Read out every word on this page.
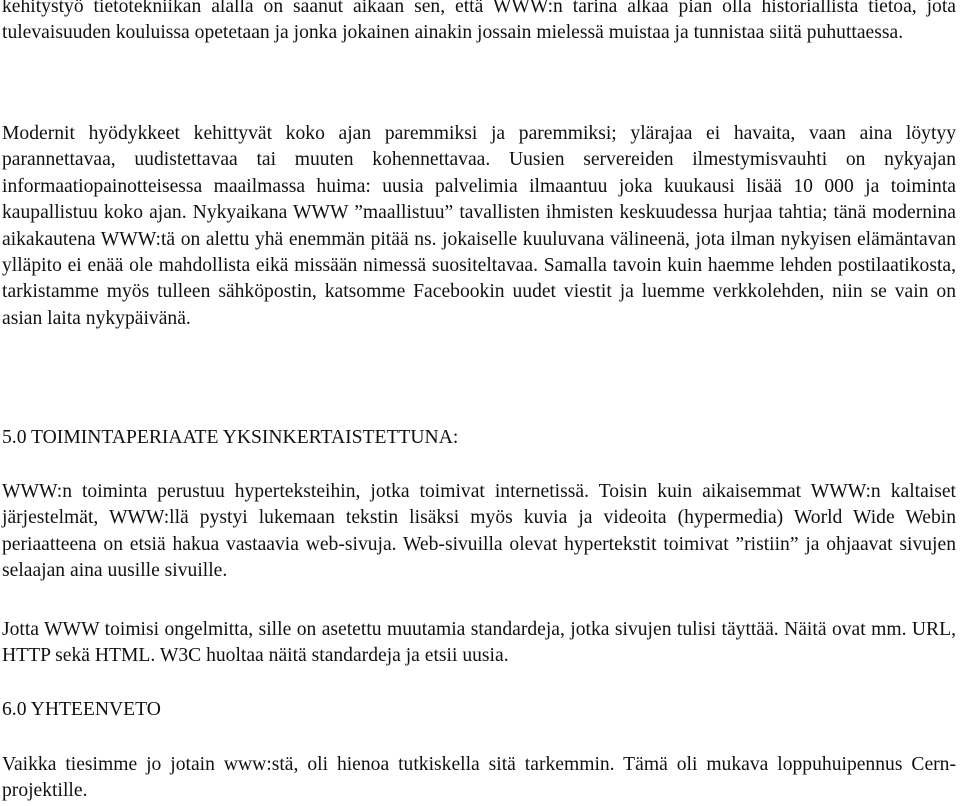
kehitystyö tietotekniikan alalla on saanut aikaan sen, että WWW:n tarina alkaa pian olla historiallista tietoa, jota tulevaisuuden kouluissa opetetaan ja jonka jokainen ainakin jossain mielessä muistaa ja tunnistaa siitä puhuttaessa.

Modernit hyödykkeet kehittyvät koko ajan paremmiksi ja paremmiksi; ylärajaa ei havaita, vaan aina löytyy parannettavaa, uudistettavaa tai muuten kohennettavaa. Uusien servereiden ilmestymisvauhti on nykyajan informaatiopainotteisessa maailmassa huima: uusia palvelimia ilmaantuu joka kuukausi lisää 10 000 ja toiminta kaupallistuu koko ajan. Nykyaikana WWW ”maallistuu” tavallisten ihmisten keskuudessa hurjaa tahtia; tänä modernina aikakautena WWW:tä on alettu yhä enemmän pitää ns. jokaiselle kuuluvana välineenä, jota ilman nykyisen elämäntavan ylläpito ei enää ole mahdollista eikä missään nimessä suositeltavaa. Samalla tavoin kuin haemme lehden postilaatikosta, tarkistamme myös tulleen sähköpostin, katsomme Facebookin uudet viestit ja luemme verkkolehden, niin se vain on asian laita nykypäivänä.

5.0 TOIMINTAPERIAATE YKSINKERTAISTETTUNA:

WWW:n toiminta perustuu hyperteksteihin, jotka toimivat internetissä. Toisin kuin aikaisemmat WWW:n kaltaiset järjestelmät, WWW:llä pystyi lukemaan tekstin lisäksi myös kuvia ja videoita (hypermedia) World Wide Webin periaatteena on etsiä hakua vastaavia web-sivuja. Web-sivuilla olevat hypertekstit toimivat ”ristiin” ja ohjaavat sivujen selaajan aina uusille sivuille.

Jotta WWW toimisi ongelmitta, sille on asetettu muutamia standardeja, jotka sivujen tulisi täyttää. Näitä ovat mm. URL, HTTP sekä HTML. W3C huoltaa näitä standardeja ja etsii uusia.

6.0 YHTEENVETO

Vaikka tiesimme jo jotain www:stä, oli hienoa tutkiskella sitä tarkemmin. Tämä oli mukava loppuhuipennus Cern-projektille.
